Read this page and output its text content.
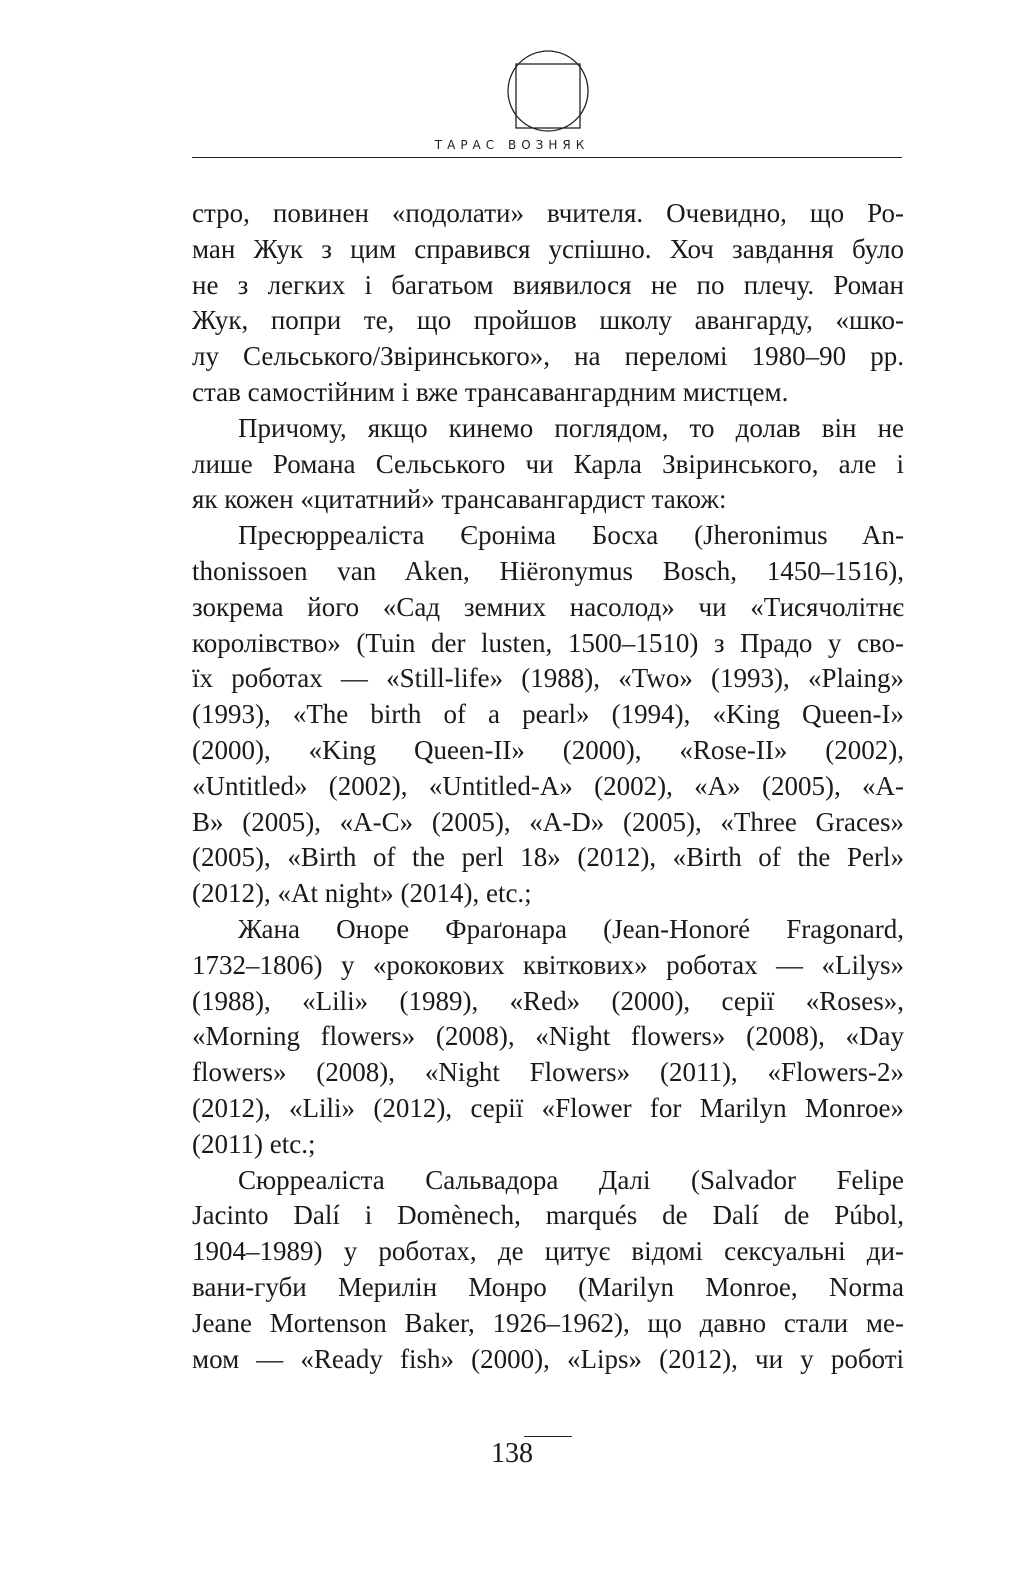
ТАРАС ВОЗНЯК
стро, повинен «подолати» вчителя. Очевидно, що Ро-
ман Жук з цим справився успішно. Хоч завдання було
не з легких і багатьом виявилося не по плечу. Роман
Жук, попри те, що пройшов школу авангарду, «шко-
лу Сельського/Звіринського», на переломі 1980–90 рр.
став самостійним і вже трансавангардним мистцем.
Причому, якщо кинемо поглядом, то долав він не
лише Романа Сельського чи Карла Звіринського, але і
як кожен «цитатний» трансавангардист також:
Пресюрреаліста Єроніма Босха (Jheronimus An-
thonissoen van Aken, Hiëronymus Bosch, 1450–1516),
зокрема його «Сад земних насолод» чи «Тисячолітнє
королівство» (Tuin der lusten, 1500–1510) з Прадо у сво-
їх роботах — «Still-life» (1988), «Two» (1993), «Plaing»
(1993), «The birth of a pearl» (1994), «King Queen-I»
(2000), «King Queen-II» (2000), «Rose-II» (2002),
«Untitled» (2002), «Untitled-A» (2002), «A» (2005), «A-
B» (2005), «A-C» (2005), «A-D» (2005), «Three Graces»
(2005), «Birth of the perl 18» (2012), «Birth of the Perl»
(2012), «At night» (2014), etc.;
Жана Оноре Фраґонара (Jean-Honoré Fragonard,
1732–1806) у «рококових квіткових» роботах — «Lilys»
(1988), «Lili» (1989), «Red» (2000), серії «Roses»,
«Morning flowers» (2008), «Night flowers» (2008), «Day
flowers» (2008), «Night Flowers» (2011), «Flowers-2»
(2012), «Lili» (2012), серії «Flower for Marilyn Monroe»
(2011) etc.;
Сюрреаліста Сальвадора Далі (Salvador Felipe
Jacinto Dalí i Domènech, marqués de Dalí de Púbol,
1904–1989) у роботах, де цитує відомі сексуальні ди-
вани-губи Мерилін Монро (Marilyn Monroe, Norma
Jeane Mortenson Baker, 1926–1962), що давно стали ме-
мом — «Ready fish» (2000), «Lips» (2012), чи у роботі
138
